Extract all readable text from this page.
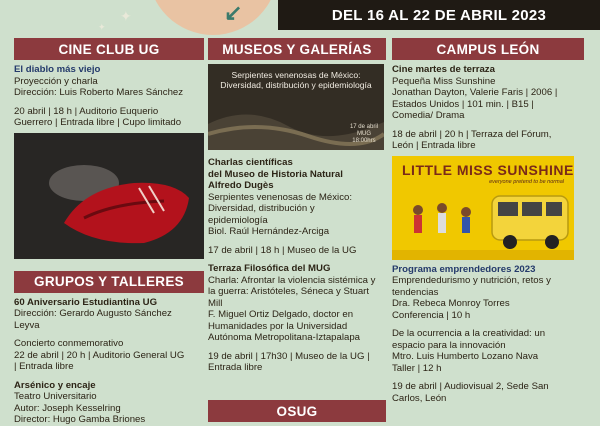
↙
✦
✦
DEL 16 AL 22 DE ABRIL 2023
CINE CLUB UG
El diablo más viejo
Proyección y charla
Dirección: Luis Roberto Mares Sánchez
20 abril | 18 h | Auditorio Euquerio
Guerrero | Entrada libre | Cupo limitado
GRUPOS Y TALLERES
60 Aniversario Estudiantina UG
Dirección: Gerardo Augusto Sánchez
Leyva
Concierto conmemorativo
22 de abril | 20 h | Auditorio General UG
| Entrada libre
Arsénico y encaje
Teatro Universitario
Autor: Joseph Kesselring
Director: Hugo Gamba Briones
MUSEOS Y GALERÍAS
Serpientes venenosas de México: Diversidad, distribución y epidemiología
17 de abril
MUG
18:00hrs
Charlas científicas
del Museo de Historia Natural
Alfredo Dugès
Serpientes venenosas de México:
Diversidad, distribución y
epidemiología
Biol. Raúl Hernández-Arciga
17 de abril | 18 h | Museo de la UG
Terraza Filosófica del MUG
Charla: Afrontar la violencia sistémica y
la guerra: Aristóteles, Séneca y Stuart
Mill
F. Miguel Ortiz Delgado, doctor en
Humanidades por la Universidad
Autónoma Metropolitana-Iztapalapa
19 de abril | 17h30 | Museo de la UG |
Entrada libre
OSUG
CAMPUS LEÓN
Cine martes de terraza
Pequeña Miss Sunshine
Jonathan Dayton, Valerie Faris | 2006 |
Estados Unidos | 101 min. | B15 |
Comedia/ Drama
18 de abril | 20 h | Terraza del Fórum,
León | Entrada libre
LITTLE MISS SUNSHINE
everyone pretend to be normal
Programa emprendedores 2023
Emprendedurismo y nutrición, retos y
tendencias
Dra. Rebeca Monroy Torres
Conferencia | 10 h
De la ocurrencia a la creatividad: un
espacio para la innovación
Mtro. Luis Humberto Lozano Nava
Taller | 12 h
19 de abril | Audiovisual 2, Sede San
Carlos, León
